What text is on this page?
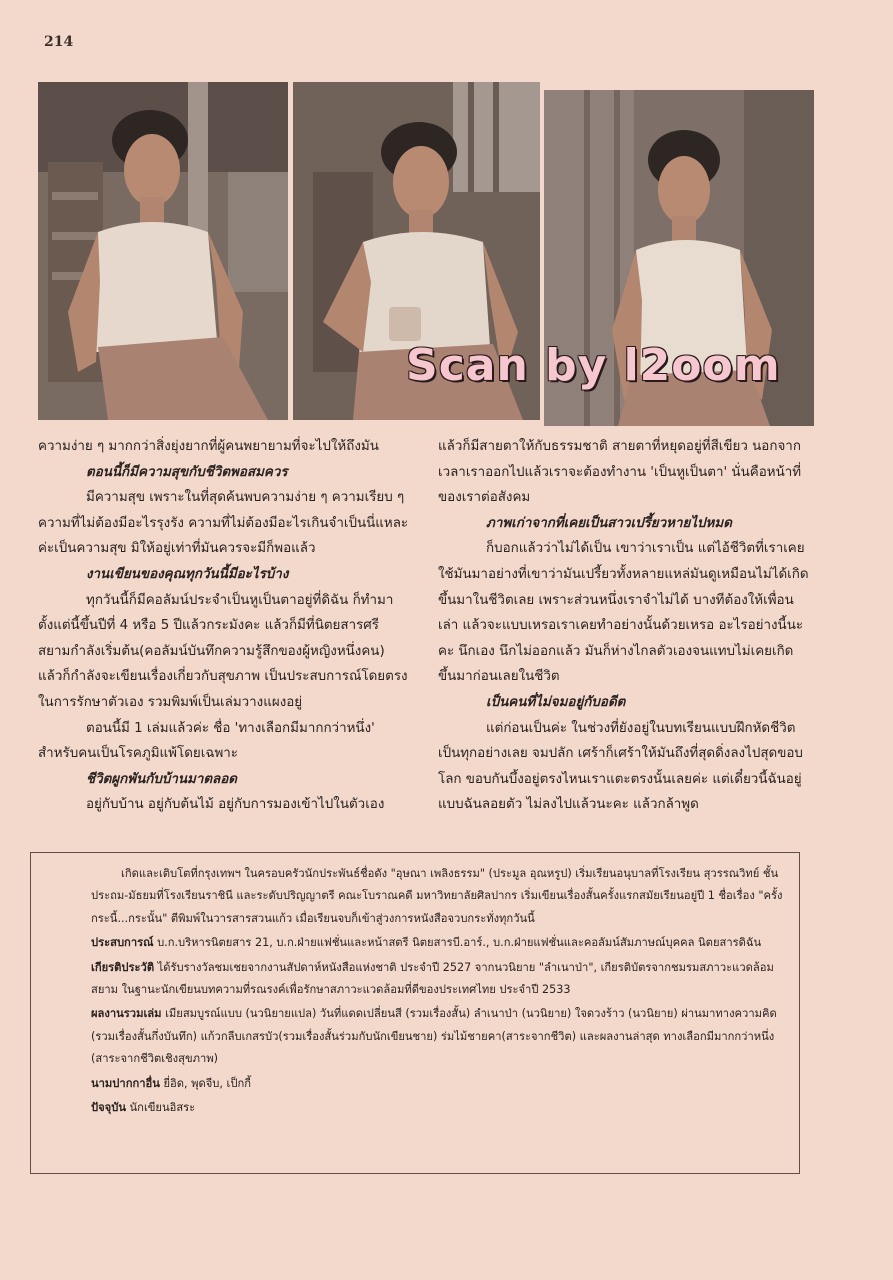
214
Scan by l2oom

ความง่าย ๆ มากกว่าสิ่งยุ่งยากที่ผู้คนพยายามที่จะไปให้ถึงมัน

ตอนนี้ก็มีความสุขกับชีวิตพอสมควร

มีความสุข เพราะในที่สุดค้นพบความง่าย ๆ ความเรียบ ๆ ความที่ไม่ต้องมีอะไรรุงรัง ความที่ไม่ต้องมีอะไรเกินจำเป็นนี่แหละค่ะเป็นความสุข มิให้อยู่เท่าที่มันควรจะมีก็พอแล้ว

งานเขียนของคุณทุกวันนี้มีอะไรบ้าง

ทุกวันนี้ก็มีคอลัมน์ประจำเป็นหูเป็นตาอยู่ที่ดิฉัน ก็ทำมาตั้งแต่นี้ขึ้นปีที่ 4 หรือ 5 ปีแล้วกระมังคะ แล้วก็มีที่นิตยสารศรีสยามกำลังเริ่มต้น(คอลัมน์บันทึกความรู้สึกของผู้หญิงหนึ่งคน) แล้วก็กำลังจะเขียนเรื่องเกี่ยวกับสุขภาพ เป็นประสบการณ์โดยตรงในการรักษาตัวเอง รวมพิมพ์เป็นเล่มวางแผงอยู่

ตอนนี้มี 1 เล่มแล้วค่ะ ชื่อ 'ทางเลือกมีมากกว่าหนึ่ง' สำหรับคนเป็นโรคภูมิแพ้โดยเฉพาะ

ชีวิตผูกพันกับบ้านมาตลอด

อยู่กับบ้าน อยู่กับต้นไม้ อยู่กับการมองเข้าไปในตัวเอง

แล้วก็มีสายตาให้กับธรรมชาติ สายตาที่หยุดอยู่ที่สีเขียว นอกจากเวลาเราออกไปแล้วเราจะต้องทำงาน 'เป็นหูเป็นตา' นั่นคือหน้าที่ของเราต่อสังคม

ภาพเก่าจากที่เคยเป็นสาวเปรี้ยวหายไปหมด

ก็บอกแล้วว่าไม่ได้เป็น เขาว่าเราเป็น แต่ไอ้ชีวิตที่เราเคยใช้มันมาอย่างที่เขาว่ามันเปรี้ยวทั้งหลายแหล่มันดูเหมือนไม่ได้เกิดขึ้นมาในชีวิตเลย เพราะส่วนหนึ่งเราจำไม่ได้ บางทีต้องให้เพื่อนเล่า แล้วจะแบบเหรอเราเคยทำอย่างนั้นด้วยเหรอ อะไรอย่างนี้นะคะ นึกเอง นึกไม่ออกแล้ว มันก็ห่างไกลตัวเองจนแทบไม่เคยเกิดขึ้นมาก่อนเลยในชีวิต

เป็นคนที่ไม่จมอยู่กับอดีต

แต่ก่อนเป็นค่ะ ในช่วงที่ยังอยู่ในบทเรียนแบบฝึกหัดชีวิตเป็นทุกอย่างเลย จมปลัก เศร้าก็เศร้าให้มันถึงที่สุดดิ่งลงไปสุดขอบโลก ขอบกันบึ้งอยู่ตรงไหนเราแตะตรงนั้นเลยค่ะ แต่เดี๋ยวนี้ฉันอยู่แบบฉันลอยตัว ไม่ลงไปแล้วนะคะ แล้วกล้าพูด

เกิดและเติบโตที่กรุงเทพฯ ในครอบครัวนักประพันธ์ชื่อดัง "อุษณา เพลิงธรรม" (ประมูล อุณหรูป) เริ่มเรียนอนุบาลที่โรงเรียน สุวรรณวิทย์ ชั้นประถม-มัธยมที่โรงเรียนราชินี และระดับปริญญาตรี คณะโบราณคดี มหาวิทยาลัยศิลปากร เริ่มเขียนเรื่องสั้นครั้งแรกสมัยเรียนอยู่ปี 1 ชื่อเรื่อง "ครั้งกระนี้...กระนั้น" ตีพิมพ์ในวารสารสวนแก้ว เมื่อเรียนจบก็เข้าสู่วงการหนังสือจวบกระทั่งทุกวันนี้

ประสบการณ์ บ.ก.บริหารนิตยสาร 21, บ.ก.ฝ่ายแฟชั่นและหน้าสตรี นิตยสารบี.อาร์., บ.ก.ฝ่ายแฟชั่นและคอลัมน์สัมภาษณ์บุคคล นิตยสารดิฉัน

เกียรติประวัติ ได้รับรางวัลชมเชยจากงานสัปดาห์หนังสือแห่งชาติ ประจำปี 2527 จากนวนิยาย "ลำเนาป่า", เกียรติบัตรจากชมรมสภาวะแวดล้อมสยาม ในฐานะนักเขียนบทความที่รณรงค์เพื่อรักษาสภาวะแวดล้อมที่ดีของประเทศไทย ประจำปี 2533

ผลงานรวมเล่ม เมียสมบูรณ์แบบ (นวนิยายแปล) วันที่แดดเปลี่ยนสี (รวมเรื่องสั้น) ลำเนาป่า (นวนิยาย) ใจดวงร้าว (นวนิยาย) ผ่านมาทางความคิด (รวมเรื่องสั้นกึ่งบันทึก) แก้วกลีบเกสรบัว(รวมเรื่องสั้นร่วมกับนักเขียนชาย) ร่มไม้ชายคา(สาระจากชีวิต) และผลงานล่าสุด ทางเลือกมีมากกว่าหนึ่ง (สาระจากชีวิตเชิงสุขภาพ)

นามปากกาอื่น ยี่อิด, พุดจีบ, เป็กกี้

ปัจจุบัน นักเขียนอิสระ
